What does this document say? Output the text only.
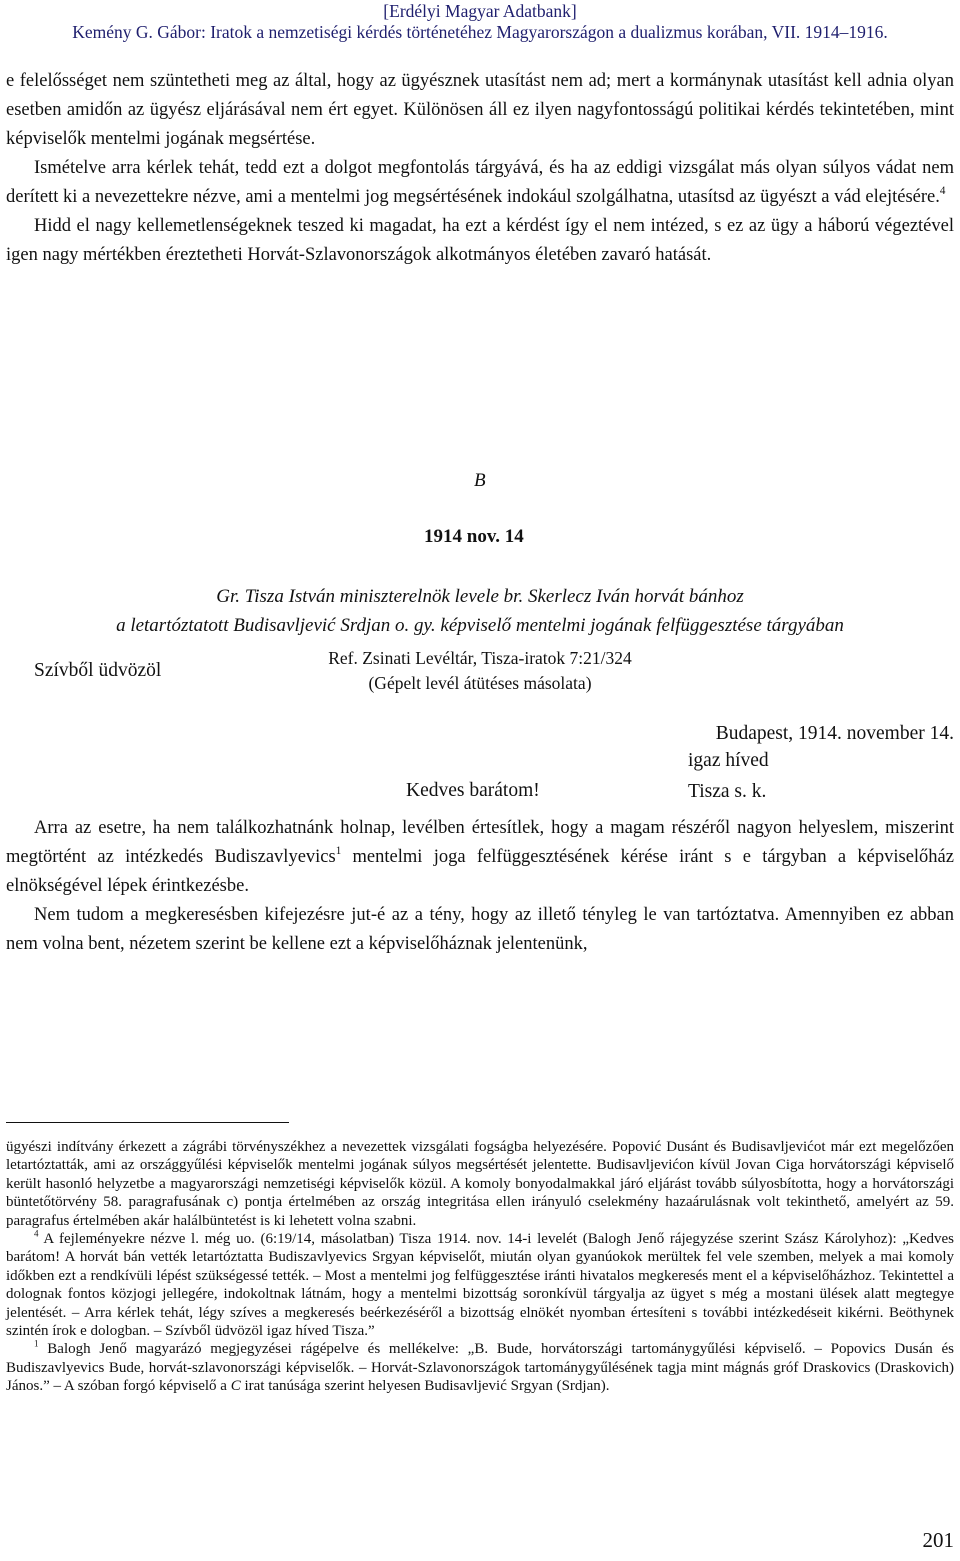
[Erdélyi Magyar Adatbank]
Kemény G. Gábor: Iratok a nemzetiségi kérdés történetéhez Magyarországon a dualizmus korában, VII. 1914–1916.

e felelősséget nem szüntetheti meg az által, hogy az ügyésznek utasítást nem ad; mert a kormánynak utasítást kell adnia olyan esetben amidőn az ügyész eljárásával nem ért egyet. Különösen áll ez ilyen nagyfontosságú politikai kérdés tekintetében, mint képviselők mentelmi jogának megsértése.

Ismételve arra kérlek tehát, tedd ezt a dolgot megfontolás tárgyává, és ha az eddigi vizsgálat más olyan súlyos vádat nem derített ki a nevezettekre nézve, ami a mentelmi jog megsértésének indokául szolgálhatna, utasítsd az ügyészt a vád elejtésére.$^4$

Hidd el nagy kellemetlenségeknek teszed ki magadat, ha ezt a kérdést így el nem intézed, s ez az ügy a háború végeztével igen nagy mértékben éreztetheti Horvát-Szlavonországok alkotmányos életében zavaró hatását.

Szívből üdvözöl
igaz híved
Tisza s. k.
B
1914 nov. 14
Gr. Tisza István miniszterelnök levele br. Skerlecz Iván horvát bánhoz
a letartóztatott Budisavljević Srdjan o. gy. képviselő mentelmi jogának felfüggesztése tárgyában
Ref. Zsinati Levéltár, Tisza-iratok 7:21/324
(Gépelt levél átütéses másolata)
Budapest, 1914. november 14.
Kedves barátom!

Arra az esetre, ha nem találkozhatnánk holnap, levélben értesítlek, hogy a magam részéről nagyon helyeslem, miszerint megtörtént az intézkedés Budiszavlyevics$^1$ mentelmi joga felfüggesztésének kérése iránt s e tárgyban a képviselőház elnökségével lépek érintkezésbe.

Nem tudom a megkeresésben kifejezésre jut-é az a tény, hogy az illető tényleg le van tartóztatva. Amennyiben ez abban nem volna bent, nézetem szerint be kellene ezt a képviselőháznak jelentenünk,

ügyészi indítvány érkezett a zágrábi törvényszékhez a nevezettek vizsgálati fogságba helyezésére. Popović Dusánt és Budisavljevićot már ezt megelőzően letartóztatták, ami az országgyűlési képviselők mentelmi jogának súlyos megsértését jelentette. Budisavljevićon kívül Jovan Ciga horvátországi képviselő került hasonló helyzetbe a magyarországi nemzetiségi képviselők közül. A komoly bonyodalmakkal járó eljárást tovább súlyosbította, hogy a horvátországi büntetőtörvény 58. paragrafusának c) pontja értelmében az ország integritása ellen irányuló cselekmény hazaárulásnak volt tekinthető, amelyért az 59. paragrafus értelmében akár halálbüntetést is ki lehetett volna szabni.

$^4$ A fejleményekre nézve l. még uo. (6:19/14, másolatban) Tisza 1914. nov. 14-i levelét (Balogh Jenő rájegyzése szerint Szász Károlyhoz): „Kedves barátom! A horvát bán vették letartóztatta Budiszavlyevics Srgyan képviselőt, miután olyan gyanúokok merültek fel vele szemben, melyek a mai komoly időkben ezt a rendkívüli lépést szükségessé tették. – Most a mentelmi jog felfüggesztése iránti hivatalos megkeresés ment el a képviselőházhoz. Tekintettel a dolognak fontos közjogi jellegére, indokoltnak látnám, hogy a mentelmi bizottság soronkívül tárgyalja az ügyet s még a mostani ülések alatt megtegye jelentését. – Arra kérlek tehát, légy szíves a megkeresés beérkezéséről a bizottság elnökét nyomban értesíteni s további intézkedéseit kikérni. Beöthynek szintén írok e dologban. – Szívből üdvözöl igaz híved Tisza.”

$^1$ Balogh Jenő magyarázó megjegyzései rágépelve és mellékelve: „B. Bude, horvátországi tartománygyűlési képviselő. – Popovics Dusán és Budiszavlyevics Bude, horvát-szlavonországi képviselők. – Horvát-Szlavonországok tartománygyűlésének tagja mint mágnás gróf Draskovics (Draskovich) János.” – A szóban forgó képviselő a C irat tanúsága szerint helyesen Budisavljević Srgyan (Srdjan).

201
